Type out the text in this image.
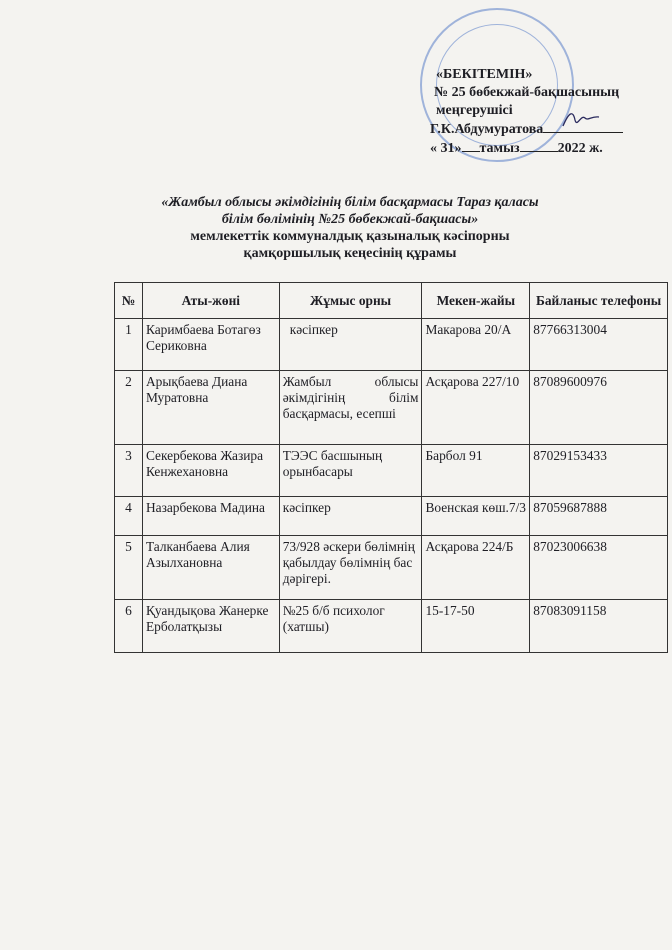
«БЕКІТЕМІН»
№ 25 бөбекжай-бақшасының
меңгерушісі
Г.К.Абдумуратова
« 31» тамыз	2022 ж.
«Жамбыл облысы әкімдігінің білім басқармасы Тараз қаласы
білім бөлімінің №25 бөбекжай-бақшасы»
мемлекеттік коммуналдық қазыналық кәсіпорны
қамқоршылық кеңесінің құрамы
№	Аты-жөні	Жұмыс орны	Мекен-жайы	Байланыс телефоны
1	Каримбаева Ботагөз Сериковна	кәсіпкер	Макарова 20/А	87766313004
2	Арықбаева Диана Муратовна	Жамбыл облысы әкімдігінің білім басқармасы, есепші	Асқарова 227/10	87089600976
3	Секербекова Жазира Кенжехановна	ТЭЭС басшының орынбасары	Барбол 91	87029153433
4	Назарбекова Мадина	кәсіпкер	Военская көш.7/3	87059687888
5	Талканбаева Алия Азылхановна	73/928 әскери бөлімнің қабылдау бөлімнің бас дәрігері.	Асқарова 224/Б	87023006638
6	Қуандықова Жанерке Ерболатқызы	№25 б/б психолог (хатшы)	15-17-50	87083091158
